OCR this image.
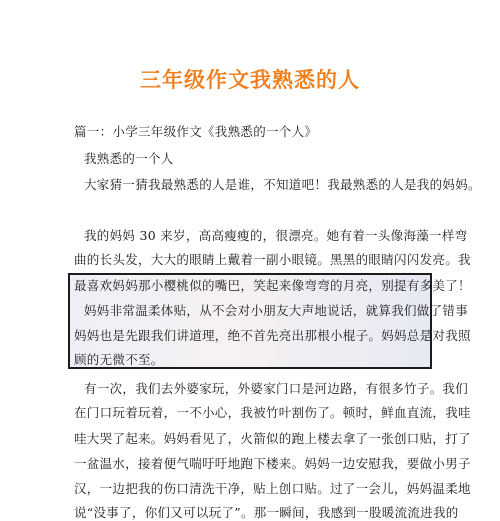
三年级作文我熟悉的人
篇一：小学三年级作文《我熟悉的一个人》
我熟悉的一个人
大家猜一猜我最熟悉的人是谁，不知道吧！我最熟悉的人是我的妈妈。
我的妈妈 30 来岁，高高瘦瘦的，很漂亮。她有着一头像海藻一样弯
曲的长头发，大大的眼睛上戴着一副小眼镜。黑黑的眼睛闪闪发亮。我
最喜欢妈妈那小樱桃似的嘴巴，笑起来像弯弯的月亮，别提有多美了！
妈妈非常温柔体贴，从不会对小朋友大声地说话，就算我们做了错事
妈妈也是先跟我们讲道理，绝不首先亮出那根小棍子。妈妈总是对我照
顾的无微不至。
有一次，我们去外婆家玩，外婆家门口是河边路，有很多竹子。我们
在门口玩着玩着，一不小心，我被竹叶割伤了。顿时，鲜血直流，我哇
哇大哭了起来。妈妈看见了，火箭似的跑上楼去拿了一张创口贴，打了
一盆温水，接着便气喘吁吁地跑下楼来。妈妈一边安慰我，要做小男子
汉，一边把我的伤口清洗干净，贴上创口贴。过了一会儿，妈妈温柔地
说“没事了，你们又可以玩了”。那一瞬间，我感到一股暖流流进我的
